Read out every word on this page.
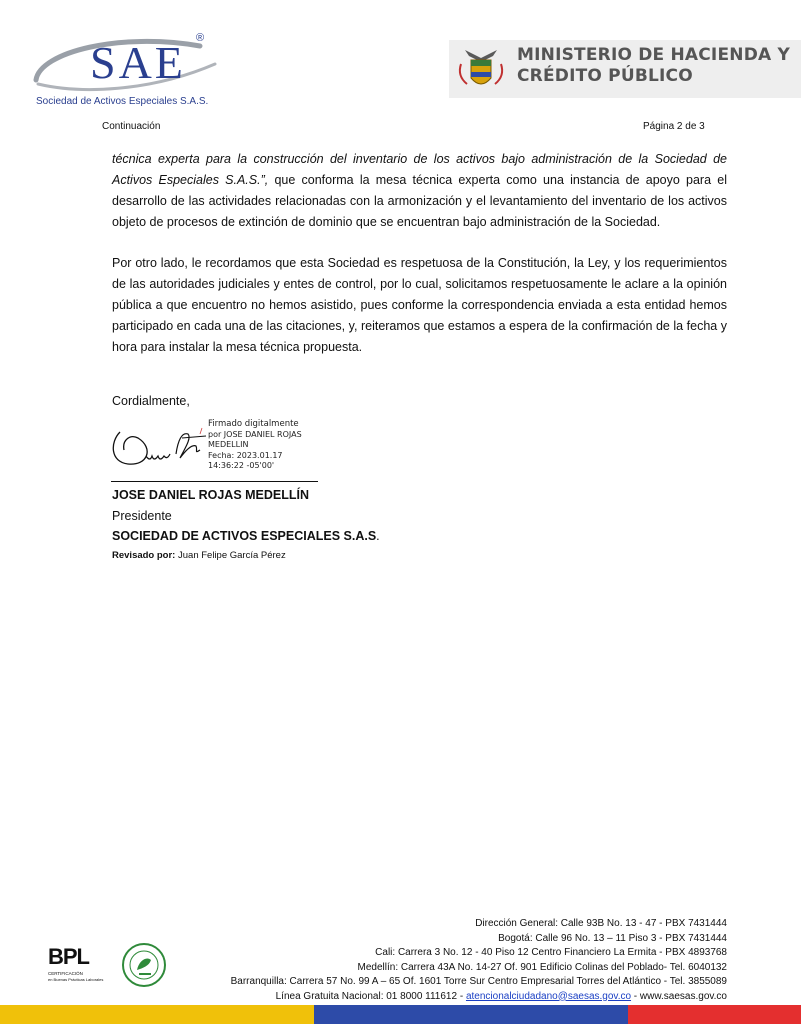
SAE ®
Sociedad de Activos Especiales S.A.S.
MINISTERIO DE HACIENDA Y
CRÉDITO PÚBLICO
Continuación	Página 2 de 3
técnica experta para la construcción del inventario de los activos bajo administración de la Sociedad de Activos Especiales S.A.S.”, que conforma la mesa técnica experta como una instancia de apoyo para el desarrollo de las actividades relacionadas con la armonización y el levantamiento del inventario de los activos objeto de procesos de extinción de dominio que se encuentran bajo administración de la Sociedad.
Por otro lado, le recordamos que esta Sociedad es respetuosa de la Constitución, la Ley, y los requerimientos de las autoridades judiciales y entes de control, por lo cual, solicitamos respetuosamente le aclare a la opinión pública a que encuentro no hemos asistido, pues conforme la correspondencia enviada a esta entidad hemos participado en cada una de las citaciones, y, reiteramos que estamos a espera de la confirmación de la fecha y hora para instalar la mesa técnica propuesta.
Cordialmente,
Firmado digitalmente
por JOSE DANIEL ROJAS
MEDELLIN
Fecha: 2023.01.17
14:36:22 -05'00'
JOSE DANIEL ROJAS MEDELLÍN
Presidente
SOCIEDAD DE ACTIVOS ESPECIALES S.A.S.
Revisado por: Juan Felipe García Pérez
BPL
CERTIFICACIÓN
en Buenas Prácticas Laborales
Dirección General: Calle 93B No. 13 - 47 - PBX 7431444
Bogotá: Calle 96 No. 13 – 11 Piso 3 - PBX 7431444
Cali: Carrera 3 No. 12 - 40 Piso 12 Centro Financiero La Ermita - PBX 4893768
Medellín: Carrera 43A No. 14-27 Of. 901 Edificio Colinas del Poblado- Tel. 6040132
Barranquilla: Carrera 57 No. 99 A – 65 Of. 1601 Torre Sur Centro Empresarial Torres del Atlántico - Tel. 3855089
Línea Gratuita Nacional: 01 8000 111612 - atencionalciudadano@saesas.gov.co - www.saesas.gov.co
